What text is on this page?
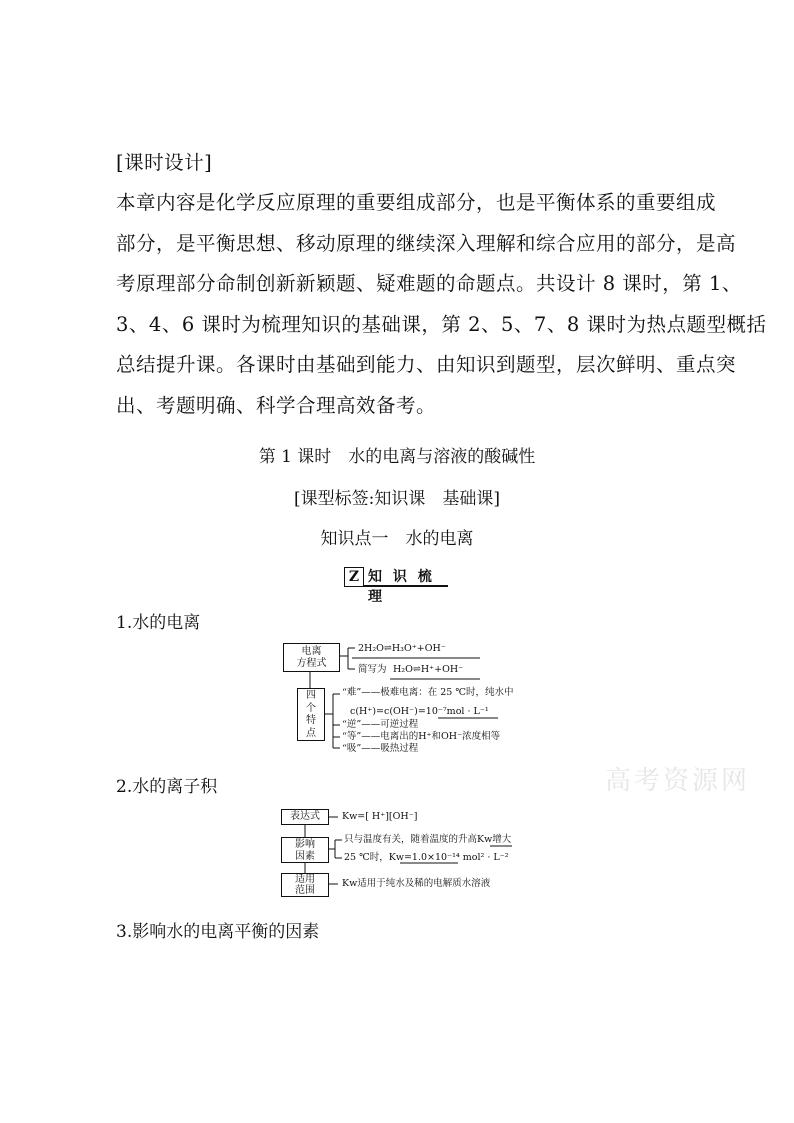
[课时设计]
本章内容是化学反应原理的重要组成部分，也是平衡体系的重要组成
部分，是平衡思想、移动原理的继续深入理解和综合应用的部分，是高
考原理部分命制创新新颖题、疑难题的命题点。共设计 8 课时，第 1、
3、4、6 课时为梳理知识的基础课，第 2、5、7、8 课时为热点题型概括
总结提升课。各课时由基础到能力、由知识到题型，层次鲜明、重点突
出、考题明确、科学合理高效备考。
第 1 课时　水的电离与溶液的酸碱性
[课型标签:知识课　基础课]
知识点一　水的电离
Z 知 识 梳 理
1.水的电离
电离
方程式
2H₂O⇌H₃O⁺+OH⁻
简写为 H₂O⇌H⁺+OH⁻
四
个
特
点
“难”——极难电离：在 25 ℃时，纯水中
c(H⁺)=c(OH⁻)=10⁻⁷mol · L⁻¹
“逆”——可逆过程
“等”——电离出的H⁺和OH⁻浓度相等
“吸”——吸热过程
2.水的离子积
表达式	Kw=[ H⁺][OH⁻]
影响
因素
只与温度有关，随着温度的升高Kw增大
25 ℃时，Kw=1.0×10⁻¹⁴ mol² · L⁻²
适用
范围
Kw适用于纯水及稀的电解质水溶液
3.影响水的电离平衡的因素
高考资源网
